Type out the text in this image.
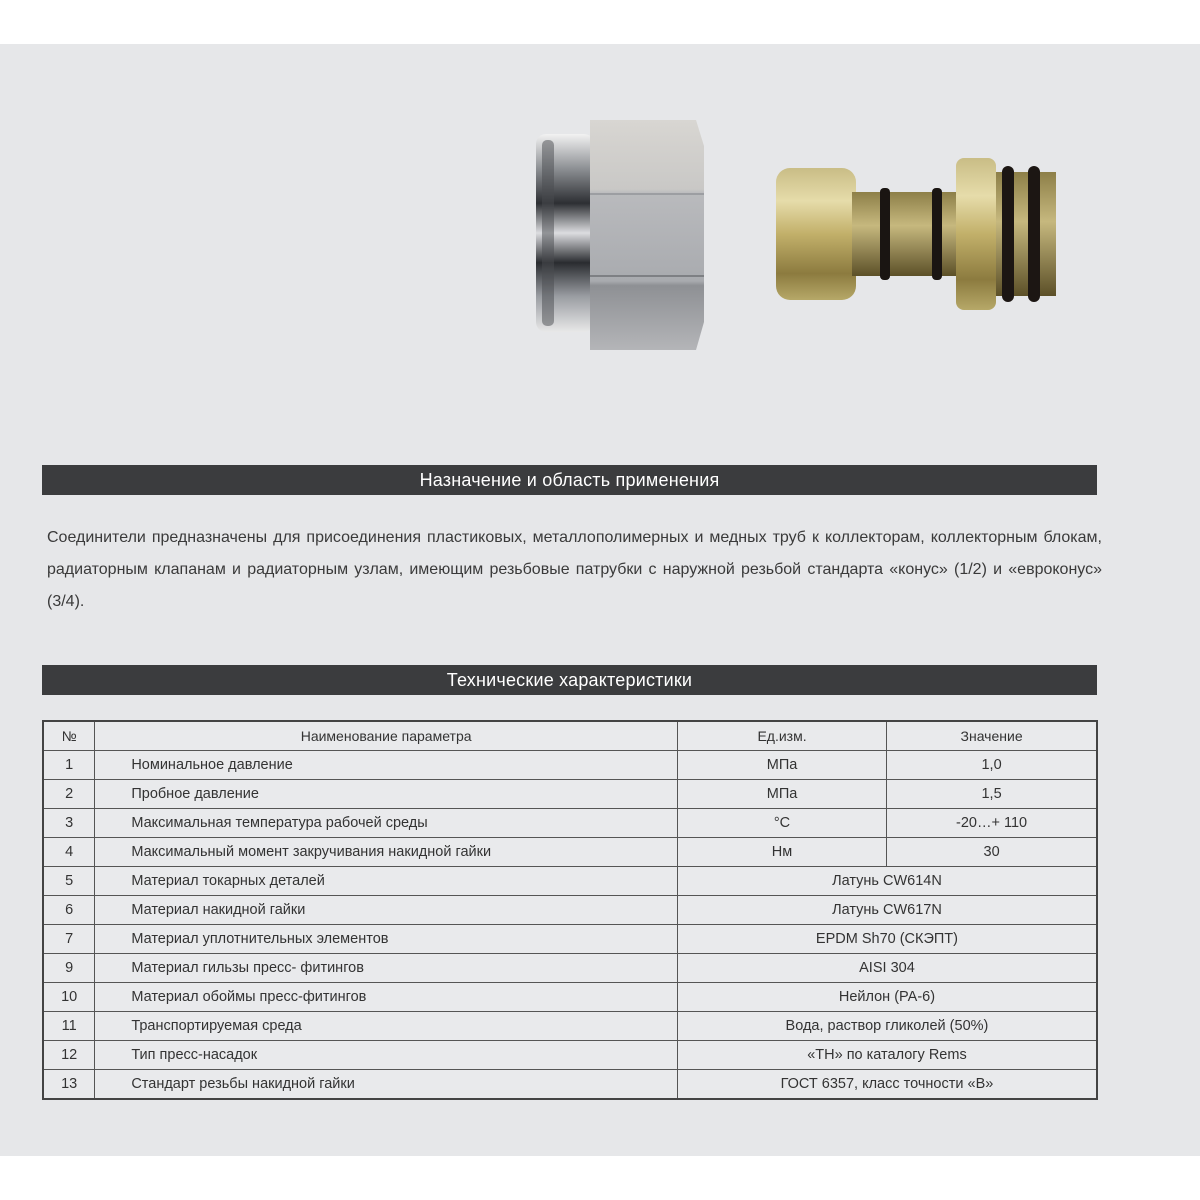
Назначение и область применения
Соединители предназначены для присоединения пластиковых, металлополимерных и медных труб к коллекторам, коллекторным блокам, радиаторным клапанам и радиаторным узлам, имеющим резьбовые патрубки с наружной резьбой стандарта «конус» (1/2) и «евроконус» (3/4).
Технические характеристики
№	Наименование параметра	Ед.изм.	Значение
1	Номинальное давление	МПа	1,0
2	Пробное давление	МПа	1,5
3	Максимальная температура рабочей среды	°С	-20…+ 110
4	Максимальный момент закручивания накидной гайки	Нм	30
5	Материал токарных деталей	Латунь CW614N	
6	Материал накидной гайки	Латунь CW617N	
7	Материал уплотнительных элементов	EPDM Sh70 (СКЭПТ)	
9	Материал гильзы пресс- фитингов	AISI 304	
10	Материал обоймы пресс-фитингов	Нейлон (PA-6)	
11	Транспортируемая среда	Вода, раствор гликолей (50%)	
12	Тип пресс-насадок	«TH» по каталогу Rems	
13	Стандарт резьбы накидной гайки	ГОСТ 6357, класс точности «В»	
